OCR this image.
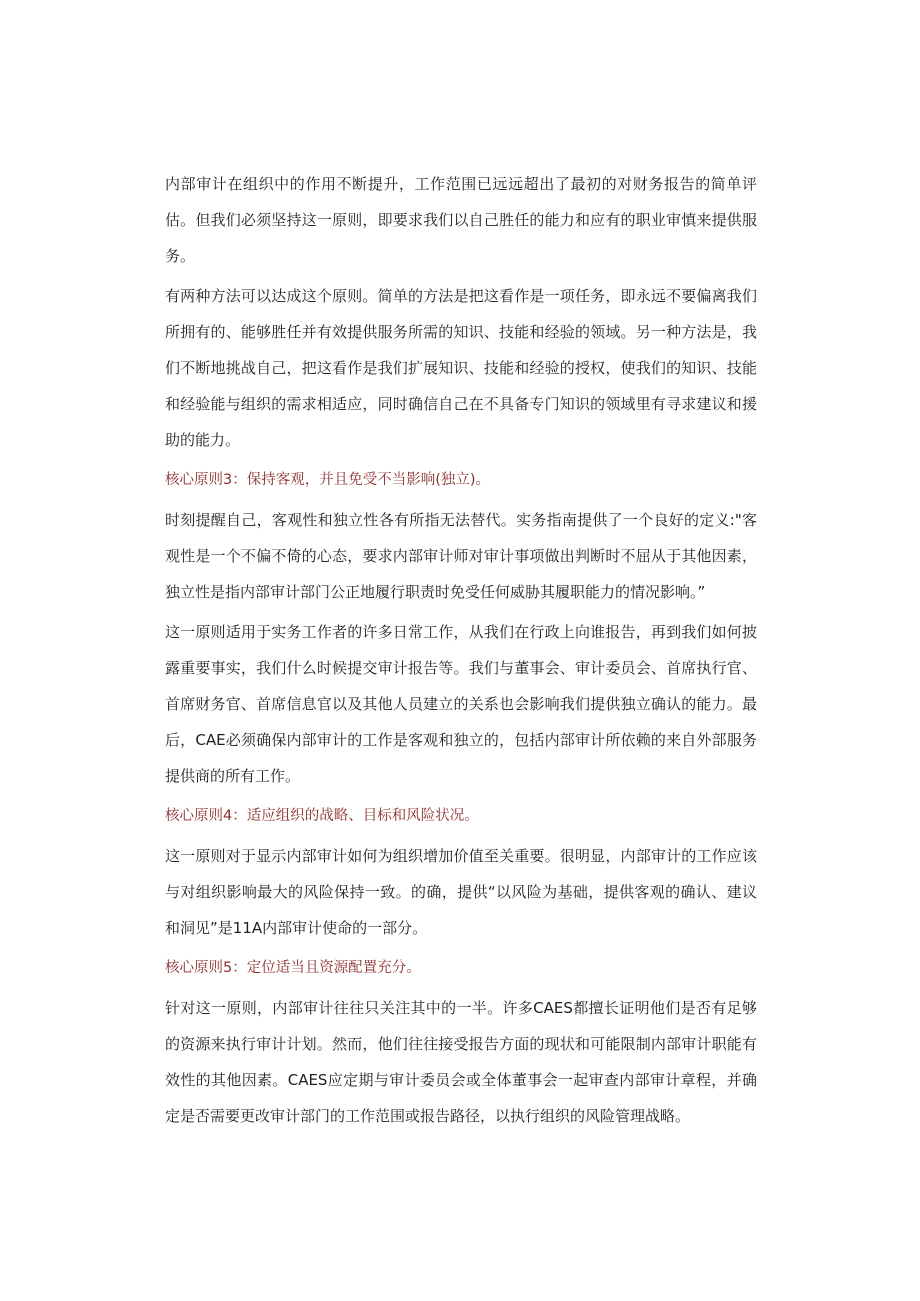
内部审计在组织中的作用不断提升，工作范围已远远超出了最初的对财务报告的简单评估。但我们必须坚持这一原则，即要求我们以自己胜任的能力和应有的职业审慎来提供服务。

有两种方法可以达成这个原则。简单的方法是把这看作是一项任务，即永远不要偏离我们所拥有的、能够胜任并有效提供服务所需的知识、技能和经验的领域。另一种方法是，我们不断地挑战自己，把这看作是我们扩展知识、技能和经验的授权，使我们的知识、技能和经验能与组织的需求相适应，同时确信自己在不具备专门知识的领域里有寻求建议和援助的能力。

核心原则3：保持客观，并且免受不当影响(独立)。

时刻提醒自己，客观性和独立性各有所指无法替代。实务指南提供了一个良好的定义:"客观性是一个不偏不倚的心态，要求内部审计师对审计事项做出判断时不屈从于其他因素，独立性是指内部审计部门公正地履行职责时免受任何威胁其履职能力的情况影响。”

这一原则适用于实务工作者的许多日常工作，从我们在行政上向谁报告，再到我们如何披露重要事实，我们什么时候提交审计报告等。我们与董事会、审计委员会、首席执行官、首席财务官、首席信息官以及其他人员建立的关系也会影响我们提供独立确认的能力。最后，CAE必须确保内部审计的工作是客观和独立的，包括内部审计所依赖的来自外部服务提供商的所有工作。

核心原则4：适应组织的战略、目标和风险状况。

这一原则对于显示内部审计如何为组织增加价值至关重要。很明显，内部审计的工作应该与对组织影响最大的风险保持一致。的确，提供“以风险为基础，提供客观的确认、建议和洞见”是11A内部审计使命的一部分。

核心原则5：定位适当且资源配置充分。

针对这一原则，内部审计往往只关注其中的一半。许多CAES都擅长证明他们是否有足够的资源来执行审计计划。然而，他们往往接受报告方面的现状和可能限制内部审计职能有效性的其他因素。CAES应定期与审计委员会或全体董事会一起审查内部审计章程，并确定是否需要更改审计部门的工作范围或报告路径，以执行组织的风险管理战略。
